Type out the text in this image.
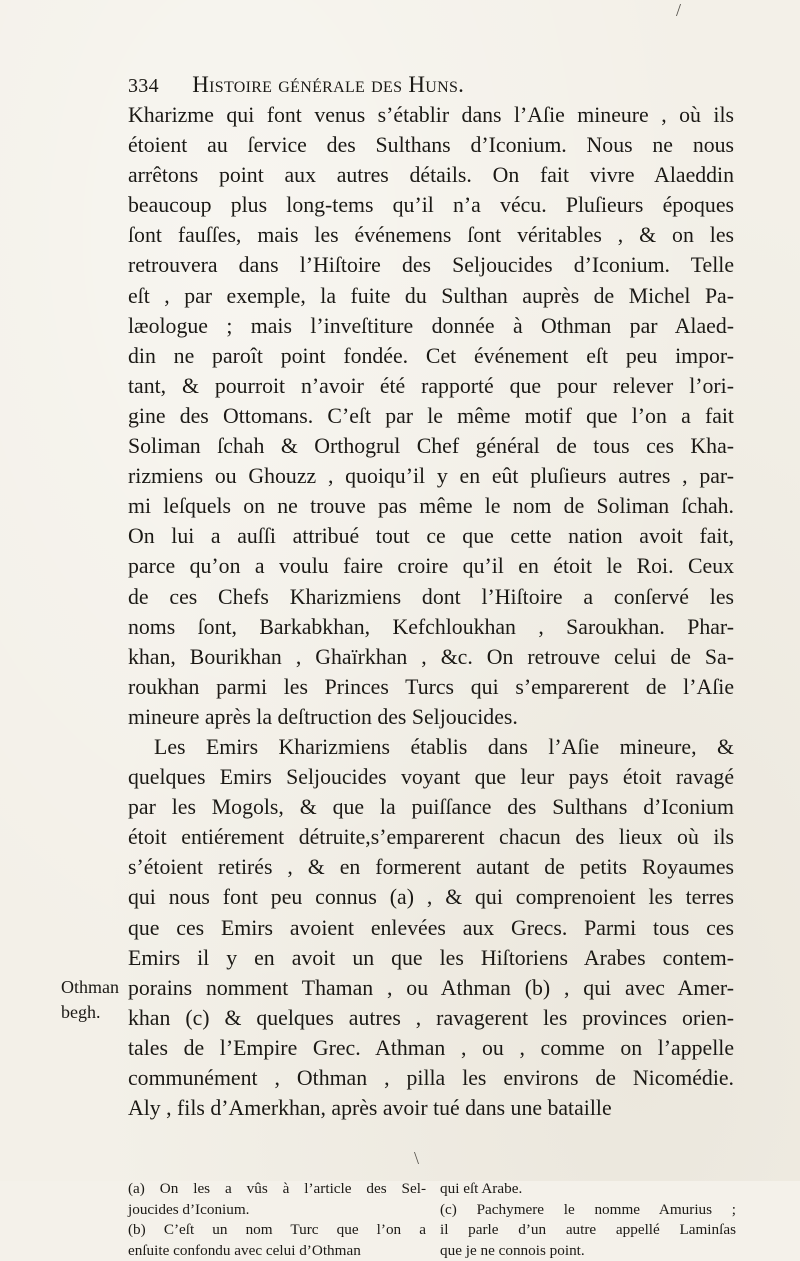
/
334 Histoire générale des Huns.
Kharizme qui font venus s’établir dans l’Aſie mineure , où ils
étoient au ſervice des Sulthans d’Iconium. Nous ne nous
arrêtons point aux autres détails. On fait vivre Alaeddin
beaucoup plus long-tems qu’il n’a vécu. Pluſieurs époques
ſont fauſſes, mais les événemens ſont véritables , & on les
retrouvera dans l’Hiſtoire des Seljoucides d’Iconium. Telle
eſt , par exemple, la fuite du Sulthan auprès de Michel Pa-
læologue ; mais l’inveſtiture donnée à Othman par Alaed-
din ne paroît point fondée. Cet événement eſt peu impor-
tant, & pourroit n’avoir été rapporté que pour relever l’ori-
gine des Ottomans. C’eſt par le même motif que l’on a fait
Soliman ſchah & Orthogrul Chef général de tous ces Kha-
rizmiens ou Ghouzz , quoiqu’il y en eût pluſieurs autres , par-
mi leſquels on ne trouve pas même le nom de Soliman ſchah.
On lui a auſſi attribué tout ce que cette nation avoit fait,
parce qu’on a voulu faire croire qu’il en étoit le Roi. Ceux
de ces Chefs Kharizmiens dont l’Hiſtoire a conſervé les
noms ſont, Barkabkhan, Kefchloukhan , Saroukhan. Phar-
khan, Bourikhan , Ghaïrkhan , &c. On retrouve celui de Sa-
roukhan parmi les Princes Turcs qui s’emparerent de l’Aſie
mineure après la deſtruction des Seljoucides.
Les Emirs Kharizmiens établis dans l’Aſie mineure, &
quelques Emirs Seljoucides voyant que leur pays étoit ravagé
par les Mogols, & que la puiſſance des Sulthans d’Iconium
étoit entiérement détruite,s’emparerent chacun des lieux où ils
s’étoient retirés , & en formerent autant de petits Royaumes
qui nous font peu connus (a) , & qui comprenoient les terres
que ces Emirs avoient enlevées aux Grecs. Parmi tous ces
Emirs il y en avoit un que les Hiſtoriens Arabes contem-
porains nomment Thaman , ou Athman (b) , qui avec Amer-
khan (c) & quelques autres , ravagerent les provinces orien-
tales de l’Empire Grec. Athman , ou , comme on l’appelle
communément , Othman , pilla les environs de Nicomédie.
Aly , fils d’Amerkhan, après avoir tué dans une bataille
Othman
begh.
(a) On les a vûs à l’article des Sel-
joucides d’Iconium.
(b) C’eſt un nom Turc que l’on a
enſuite confondu avec celui d’Othman
qui eſt Arabe.
(c) Pachymere le nomme Amurius ;
il parle d’un autre appellé Laminſas
que je ne connois point.
\
